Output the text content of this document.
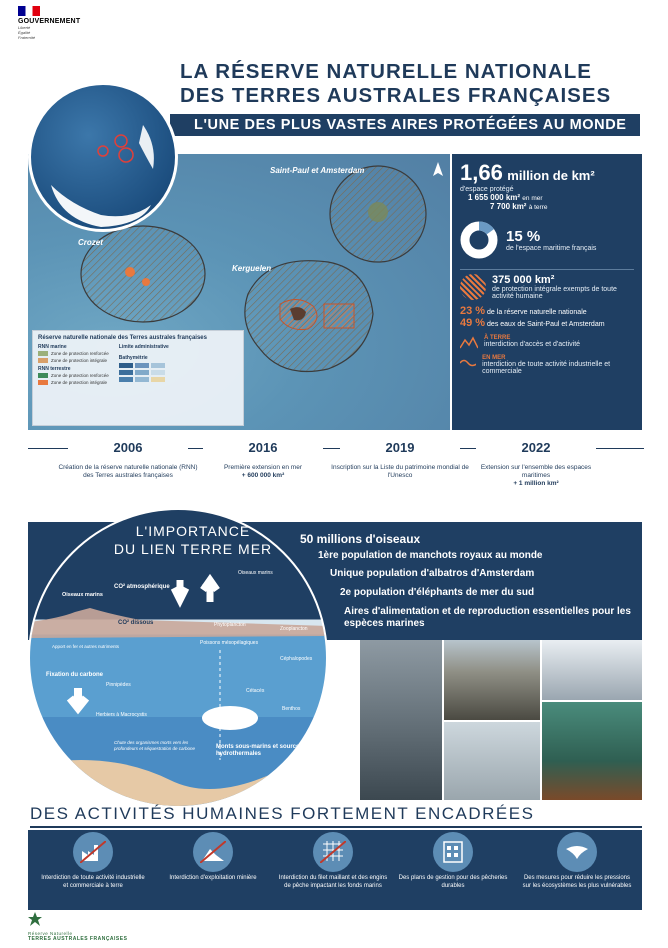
GOUVERNEMENT
Liberté
Égalité
Fraternité
LA RÉSERVE NATURELLE NATIONALE
DES TERRES AUSTRALES FRANÇAISES
L'UNE DES PLUS VASTES AIRES PROTÉGÉES AU MONDE
Saint-Paul et Amsterdam
Crozet
Kerguelen
Réserve naturelle nationale des Terres australes françaises
RNN marine
Zone de protection renforcée
Zone de protection intégrale
RNN terrestre
Zone de protection renforcée
Zone de protection intégrale
Limite administrative
Bathymétrie
1,66 million de km²
d'espace protégé
1 655 000 km² en mer
7 700 km² à terre
15 %
de l'espace maritime français
375 000 km²
de protection intégrale exempts de toute activité humaine
23 % de la réserve naturelle nationale
49 % des eaux de Saint-Paul et Amsterdam
À TERRE
interdiction d'accès et d'activité
EN MER
interdiction de toute activité industrielle et commerciale
2006	2016	2019	2022
Création de la réserve naturelle nationale (RNN) des Terres australes françaises
Première extension en mer
+ 600 000 km²
Inscription sur la Liste du patrimoine mondial de l'Unesco
Extension sur l'ensemble des espaces maritimes
+ 1 million km²
UN PATRIMOINE BIOLOGIQUE D'EXCEPTION
CO² atmosphérique	O²
Oiseaux marins
Oiseaux marins
CO² dissous	Phytoplancton
Zooplancton
Poissons mésopélagiques
Apport en fer et autres nutriments
Céphalopodes
Fixation du carbone
Pinnipèdes
Herbiers à Macrocystis
Cétacés
Benthos
Chute des organismes morts vers les profondeurs et séquestration de carbone	Monts sous-marins et sources hydrothermales
L'IMPORTANCE
DU LIEN TERRE MER
50 millions d'oiseaux
1ère population de manchots royaux au monde
Unique population d'albatros d'Amsterdam
2e population d'éléphants de mer du sud
Aires d'alimentation et de reproduction essentielles pour les espèces marines
DES ACTIVITÉS HUMAINES FORTEMENT ENCADRÉES
Interdiction de toute activité industrielle et commerciale à terre
Interdiction d'exploitation minière	Interdiction du filet maillant et des engins de pêche impactant les fonds marins
Des plans de gestion pour des pêcheries durables
Des mesures pour réduire les pressions sur les écosystèmes les plus vulnérables
Réserve Naturelle
TERRES AUSTRALES FRANÇAISES
